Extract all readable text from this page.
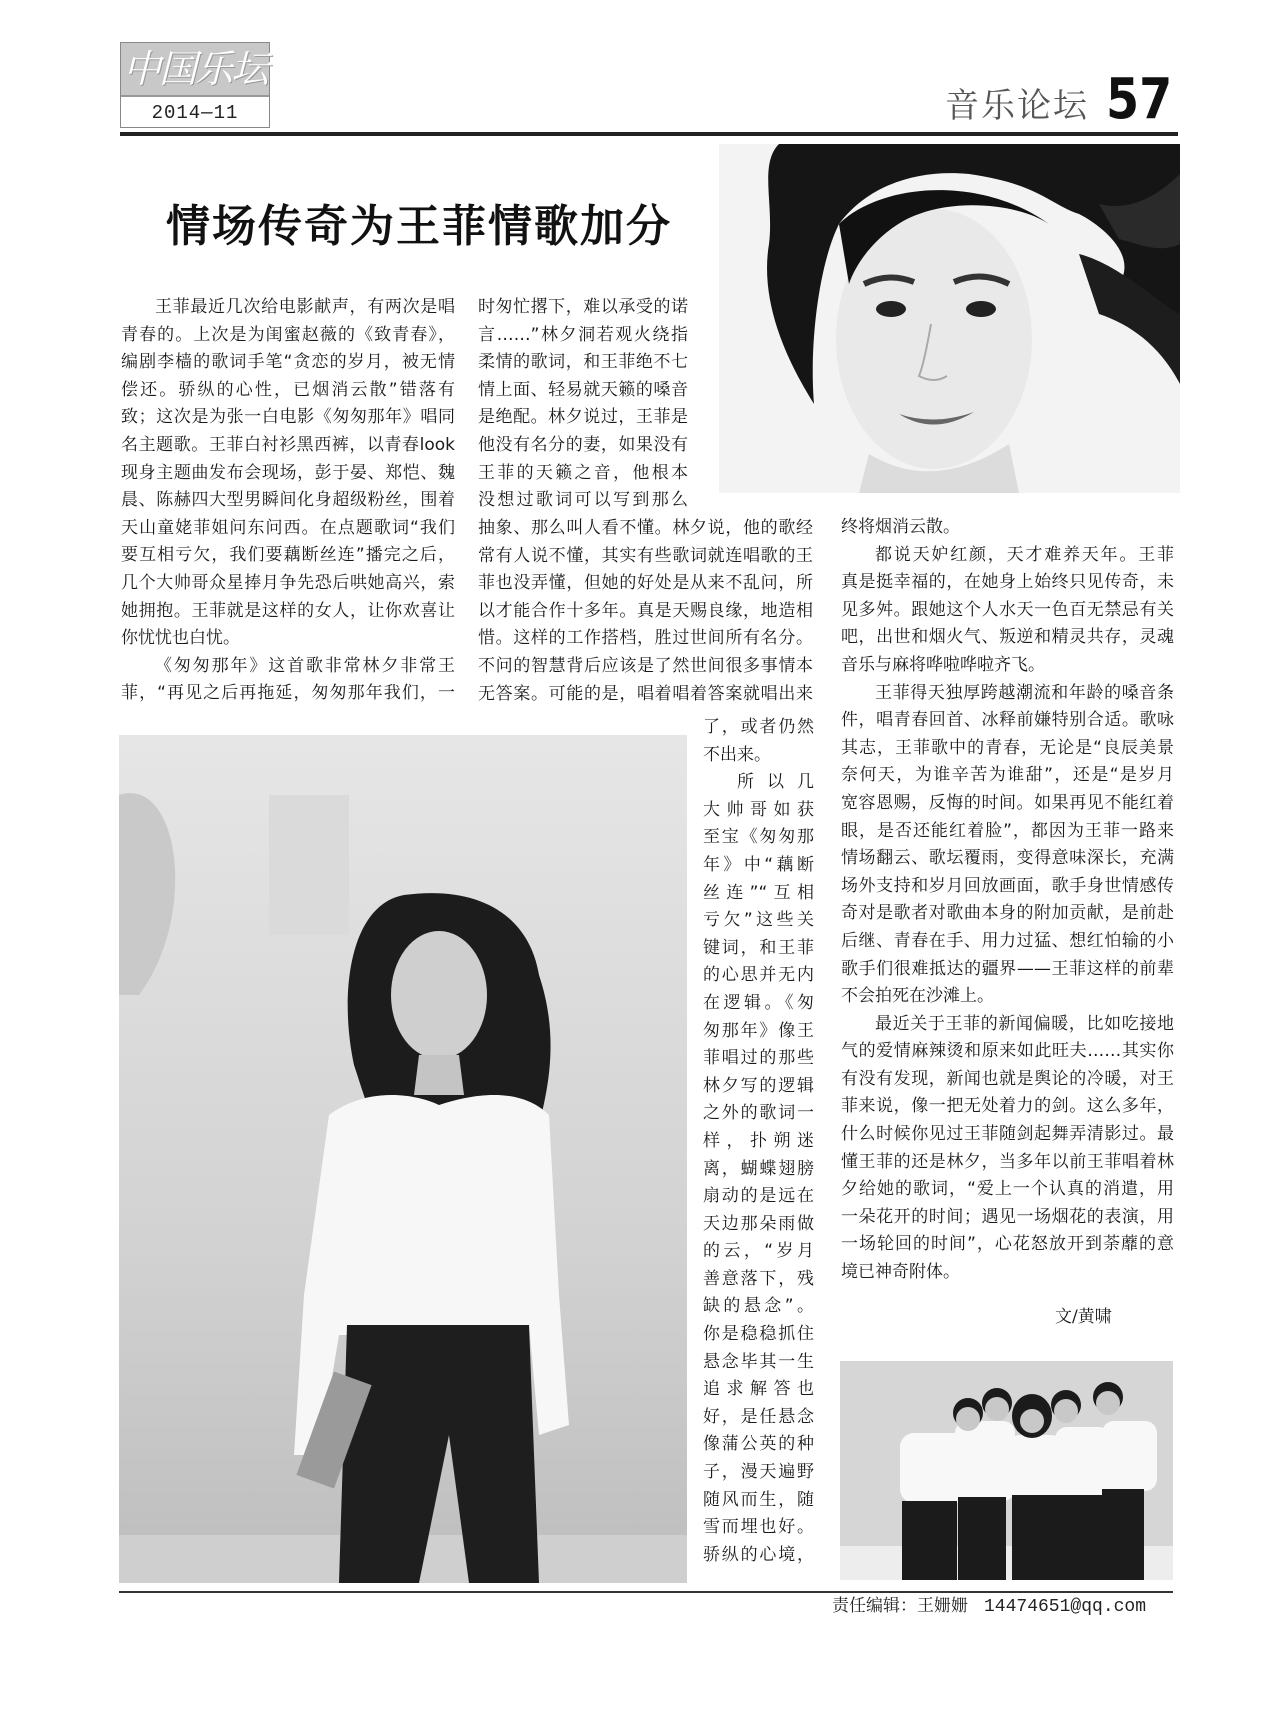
中国乐坛
2014—11	音乐论坛 57
情场传奇为王菲情歌加分
王菲最近几次给电影献声，有两次是唱
青春的。上次是为闺蜜赵薇的《致青春》，
编剧李樯的歌词手笔“贪恋的岁月，被无情
偿还。骄纵的心性，已烟消云散”错落有
致；这次是为张一白电影《匆匆那年》唱同
名主题歌。王菲白衬衫黑西裤，以青春look
现身主题曲发布会现场，彭于晏、郑恺、魏
晨、陈赫四大型男瞬间化身超级粉丝，围着
天山童姥菲姐问东问西。在点题歌词“我们
要互相亏欠，我们要藕断丝连”播完之后，
几个大帅哥众星捧月争先恐后哄她高兴，索
她拥抱。王菲就是这样的女人，让你欢喜让
你忧忧也白忧。
《匆匆那年》这首歌非常林夕非常王
菲，“再见之后再拖延，匆匆那年我们，一
时匆忙撂下，难以承受的诺
言……”林夕洞若观火绕指
柔情的歌词，和王菲绝不七
情上面、轻易就天籁的嗓音
是绝配。林夕说过，王菲是
他没有名分的妻，如果没有
王菲的天籁之音，他根本
没想过歌词可以写到那么
抽象、那么叫人看不懂。林夕说，他的歌经
常有人说不懂，其实有些歌词就连唱歌的王
菲也没弄懂，但她的好处是从来不乱问，所
以才能合作十多年。真是天赐良缘，地造相
惜。这样的工作搭档，胜过世间所有名分。
不问的智慧背后应该是了然世间很多事情本
无答案。可能的是，唱着唱着答案就唱出来
了，或者仍然
不出来。
所以几
大帅哥如获
至宝《匆匆那
年》中“藕断
丝连”“互相
亏欠”这些关
键词，和王菲
的心思并无内
在逻辑。《匆
匆那年》像王
菲唱过的那些
林夕写的逻辑
之外的歌词一
样，扑朔迷
离，蝴蝶翅膀
扇动的是远在
天边那朵雨做
的云，“岁月
善意落下，残
缺的悬念”。
你是稳稳抓住
悬念毕其一生
追求解答也
好，是任悬念
像蒲公英的种
子，漫天遍野
随风而生，随
雪而埋也好。
骄纵的心境，
终将烟消云散。
都说天妒红颜，天才难养天年。王菲
真是挺幸福的，在她身上始终只见传奇，未
见多舛。跟她这个人水天一色百无禁忌有关
吧，出世和烟火气、叛逆和精灵共存，灵魂
音乐与麻将哗啦哗啦齐飞。
王菲得天独厚跨越潮流和年龄的嗓音条
件，唱青春回首、冰释前嫌特别合适。歌咏
其志，王菲歌中的青春，无论是“良辰美景
奈何天，为谁辛苦为谁甜”，还是“是岁月
宽容恩赐，反悔的时间。如果再见不能红着
眼，是否还能红着脸”，都因为王菲一路来
情场翻云、歌坛覆雨，变得意味深长，充满
场外支持和岁月回放画面，歌手身世情感传
奇对是歌者对歌曲本身的附加贡献，是前赴
后继、青春在手、用力过猛、想红怕输的小
歌手们很难抵达的疆界——王菲这样的前辈
不会拍死在沙滩上。
最近关于王菲的新闻偏暖，比如吃接地
气的爱情麻辣烫和原来如此旺夫……其实你
有没有发现，新闻也就是舆论的冷暖，对王
菲来说，像一把无处着力的剑。这么多年，
什么时候你见过王菲随剑起舞弄清影过。最
懂王菲的还是林夕，当多年以前王菲唱着林
夕给她的歌词，“爱上一个认真的消遣，用
一朵花开的时间；遇见一场烟花的表演，用
一场轮回的时间”，心花怒放开到荼蘼的意
境已神奇附体。
文/黄啸
责任编辑：王姗姗 14474651@qq.com
